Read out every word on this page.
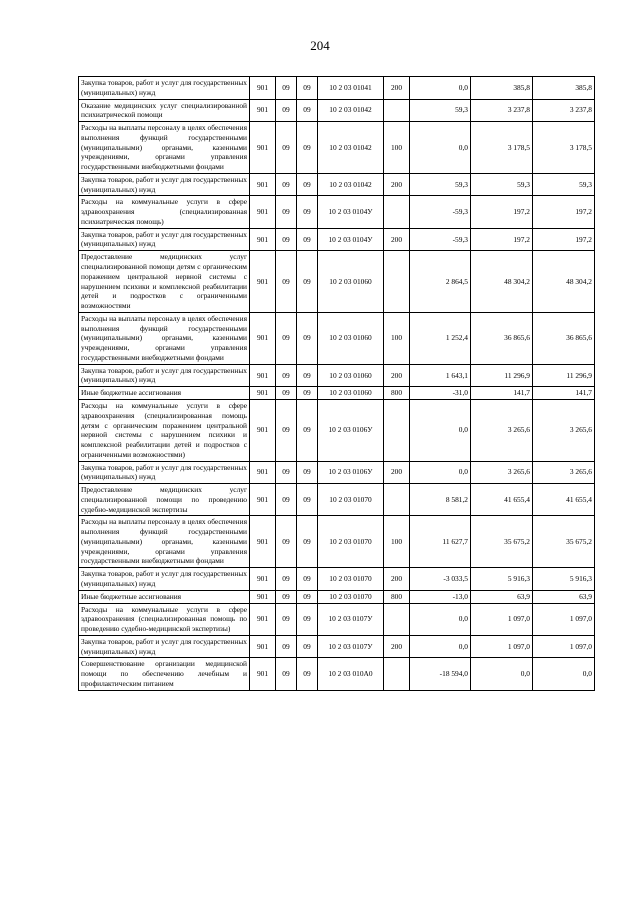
204
Закупка товаров, работ и услуг для государственных (муниципальных) нужд	901	09	09	10 2 03 01041	200	0,0	385,8	385,8
Оказание медицинских услуг специализированной психиатрической помощи	901	09	09	10 2 03 01042		59,3	3 237,8	3 237,8
Расходы на выплаты персоналу в целях обеспечения выполнения функций государственными (муниципальными) органами, казенными учреждениями, органами управления государственными внебюджетными фондами	901	09	09	10 2 03 01042	100	0,0	3 178,5	3 178,5
Закупка товаров, работ и услуг для государственных (муниципальных) нужд	901	09	09	10 2 03 01042	200	59,3	59,3	59,3
Расходы на коммунальные услуги в сфере здравоохранения (специализированная психиатрическая помощь)	901	09	09	10 2 03 0104У		-59,3	197,2	197,2
Закупка товаров, работ и услуг для государственных (муниципальных) нужд	901	09	09	10 2 03 0104У	200	-59,3	197,2	197,2
Предоставление медицинских услуг специализированной помощи детям с органическим поражением центральной нервной системы с нарушением психики и комплексной реабилитации детей и подростков с ограниченными возможностями	901	09	09	10 2 03 01060		2 864,5	48 304,2	48 304,2
Расходы на выплаты персоналу в целях обеспечения выполнения функций государственными (муниципальными) органами, казенными учреждениями, органами управления государственными внебюджетными фондами	901	09	09	10 2 03 01060	100	1 252,4	36 865,6	36 865,6
Закупка товаров, работ и услуг для государственных (муниципальных) нужд	901	09	09	10 2 03 01060	200	1 643,1	11 296,9	11 296,9
Иные бюджетные ассигнования	901	09	09	10 2 03 01060	800	-31,0	141,7	141,7
Расходы на коммунальные услуги в сфере здравоохранения (специализированная помощь детям с органическим поражением центральной нервной системы с нарушением психики и комплексной реабилитации детей и подростков с ограниченными возможностями)	901	09	09	10 2 03 0106У		0,0	3 265,6	3 265,6
Закупка товаров, работ и услуг для государственных (муниципальных) нужд	901	09	09	10 2 03 0106У	200	0,0	3 265,6	3 265,6
Предоставление медицинских услуг специализированной помощи по проведению судебно-медицинской экспертизы	901	09	09	10 2 03 01070		8 581,2	41 655,4	41 655,4
Расходы на выплаты персоналу в целях обеспечения выполнения функций государственными (муниципальными) органами, казенными учреждениями, органами управления государственными внебюджетными фондами	901	09	09	10 2 03 01070	100	11 627,7	35 675,2	35 675,2
Закупка товаров, работ и услуг для государственных (муниципальных) нужд	901	09	09	10 2 03 01070	200	-3 033,5	5 916,3	5 916,3
Иные бюджетные ассигнования	901	09	09	10 2 03 01070	800	-13,0	63,9	63,9
Расходы на коммунальные услуги в сфере здравоохранения (специализированная помощь по проведению судебно-медицинской экспертизы)	901	09	09	10 2 03 0107У		0,0	1 097,0	1 097,0
Закупка товаров, работ и услуг для государственных (муниципальных) нужд	901	09	09	10 2 03 0107У	200	0,0	1 097,0	1 097,0
Совершенствование организации медицинской помощи по обеспечению лечебным и профилактическим питанием	901	09	09	10 2 03 010А0		-18 594,0	0,0	0,0
